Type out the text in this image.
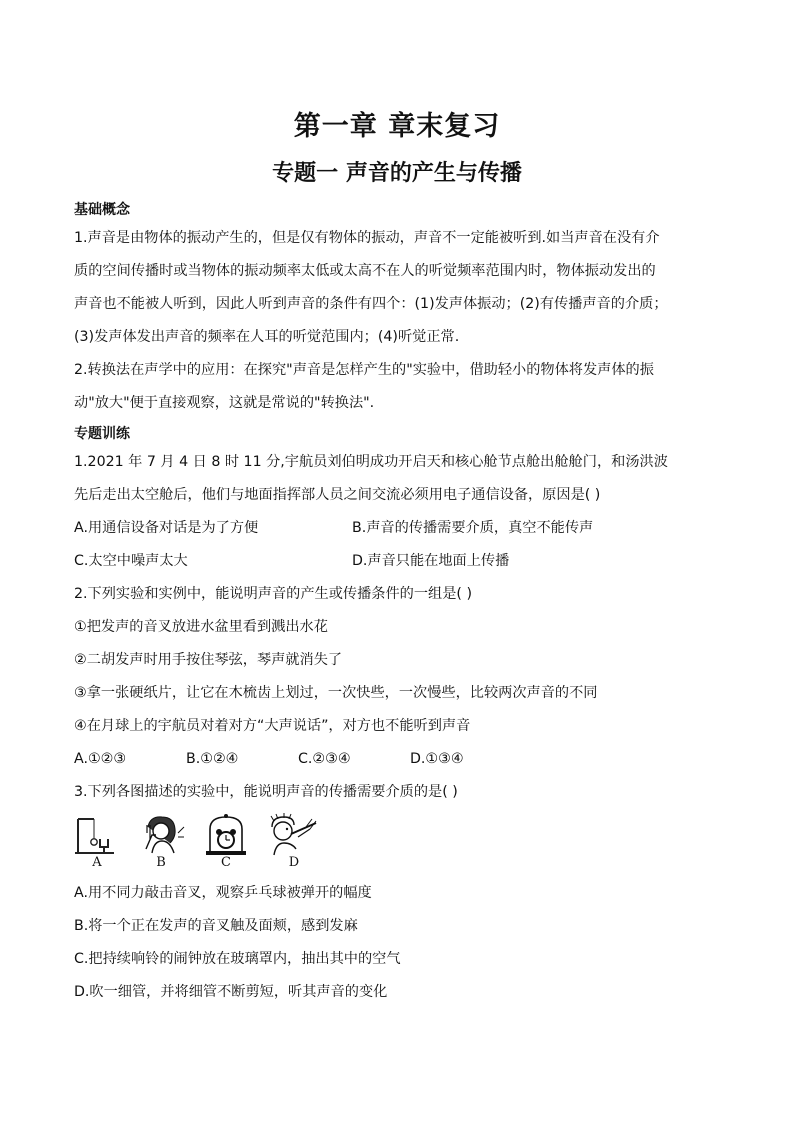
第一章 章末复习
专题一 声音的产生与传播
基础概念
1.声音是由物体的振动产生的，但是仅有物体的振动，声音不一定能被听到.如当声音在没有介
质的空间传播时或当物体的振动频率太低或太高不在人的听觉频率范围内时，物体振动发出的
声音也不能被人听到，因此人听到声音的条件有四个：(1)发声体振动；(2)有传播声音的介质；
(3)发声体发出声音的频率在人耳的听觉范围内；(4)听觉正常.
2.转换法在声学中的应用：在探究"声音是怎样产生的"实验中，借助轻小的物体将发声体的振
动"放大"便于直接观察，这就是常说的"转换法".
专题训练
1.2021 年 7 月 4 日 8 时 11 分,宇航员刘伯明成功开启天和核心舱节点舱出舱舱门，和汤洪波
先后走出太空舱后，他们与地面指挥部人员之间交流必须用电子通信设备，原因是( )
A.用通信设备对话是为了方便	B.声音的传播需要介质，真空不能传声
C.太空中噪声太大	D.声音只能在地面上传播
2.下列实验和实例中，能说明声音的产生或传播条件的一组是( )
①把发声的音叉放进水盆里看到溅出水花
②二胡发声时用手按住琴弦，琴声就消失了
③拿一张硬纸片，让它在木梳齿上划过，一次快些，一次慢些，比较两次声音的不同
④在月球上的宇航员对着对方“大声说话”，对方也不能听到声音
A.①②③	B.①②④	C.②③④	D.①③④
3.下列各图描述的实验中，能说明声音的传播需要介质的是( )
A	B	C	D
A.用不同力敲击音叉，观察乒乓球被弹开的幅度
B.将一个正在发声的音叉触及面颊，感到发麻
C.把持续响铃的闹钟放在玻璃罩内，抽出其中的空气
D.吹一细管，并将细管不断剪短，听其声音的变化
